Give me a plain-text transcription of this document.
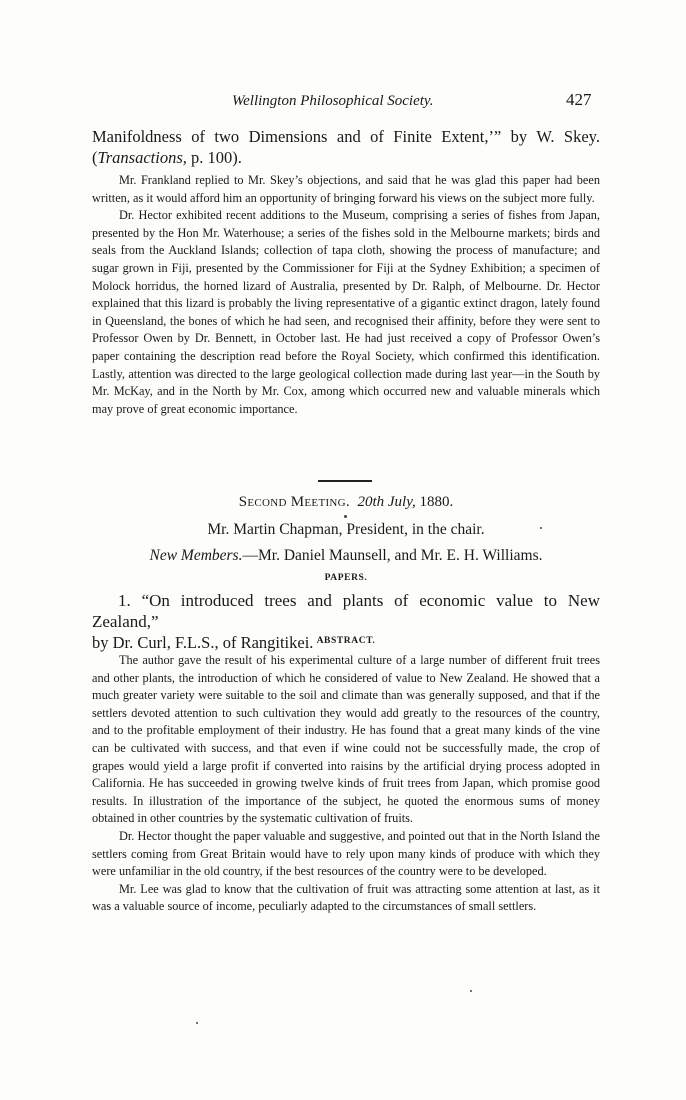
Wellington Philosophical Society.	427
Manifoldness of two Dimensions and of Finite Extent,’” by W. Skey.
(Transactions, p. 100).

Mr. Frankland replied to Mr. Skey’s objections, and said that he was glad this paper had been written, as it would afford him an opportunity of bringing forward his views on the subject more fully.

Dr. Hector exhibited recent additions to the Museum, comprising a series of fishes from Japan, presented by the Hon Mr. Waterhouse; a series of the fishes sold in the Melbourne markets; birds and seals from the Auckland Islands; collection of tapa cloth, showing the process of manufacture; and sugar grown in Fiji, presented by the Commissioner for Fiji at the Sydney Exhibition; a specimen of Molock horridus, the horned lizard of Australia, presented by Dr. Ralph, of Melbourne. Dr. Hector explained that this lizard is probably the living representative of a gigantic extinct dragon, lately found in Queensland, the bones of which he had seen, and recognised their affinity, before they were sent to Professor Owen by Dr. Bennett, in October last. He had just received a copy of Professor Owen’s paper containing the description read before the Royal Society, which confirmed this identification. Lastly, attention was directed to the large geological collection made during last year—in the South by Mr. McKay, and in the North by Mr. Cox, among which occurred new and valuable minerals which may prove of great economic importance.

Second Meeting. 20th July, 1880.
Mr. Martin Chapman, President, in the chair.
New Members.—Mr. Daniel Maunsell, and Mr. E. H. Williams.
PAPERS.
1. “On introduced trees and plants of economic value to New Zealand,”
by Dr. Curl, F.L.S., of Rangitikei. ABSTRACT.

The author gave the result of his experimental culture of a large number of different fruit trees and other plants, the introduction of which he considered of value to New Zealand. He showed that a much greater variety were suitable to the soil and climate than was generally supposed, and that if the settlers devoted attention to such cultivation they would add greatly to the resources of the country, and to the profitable employment of their industry. He has found that a great many kinds of the vine can be cultivated with success, and that even if wine could not be successfully made, the crop of grapes would yield a large profit if converted into raisins by the artificial drying process adopted in California. He has succeeded in growing twelve kinds of fruit trees from Japan, which promise good results. In illustration of the importance of the subject, he quoted the enormous sums of money obtained in other countries by the systematic cultivation of fruits.

Dr. Hector thought the paper valuable and suggestive, and pointed out that in the North Island the settlers coming from Great Britain would have to rely upon many kinds of produce with which they were unfamiliar in the old country, if the best resources of the country were to be developed.

Mr. Lee was glad to know that the cultivation of fruit was attracting some attention at last, as it was a valuable source of income, peculiarly adapted to the circumstances of small settlers.
